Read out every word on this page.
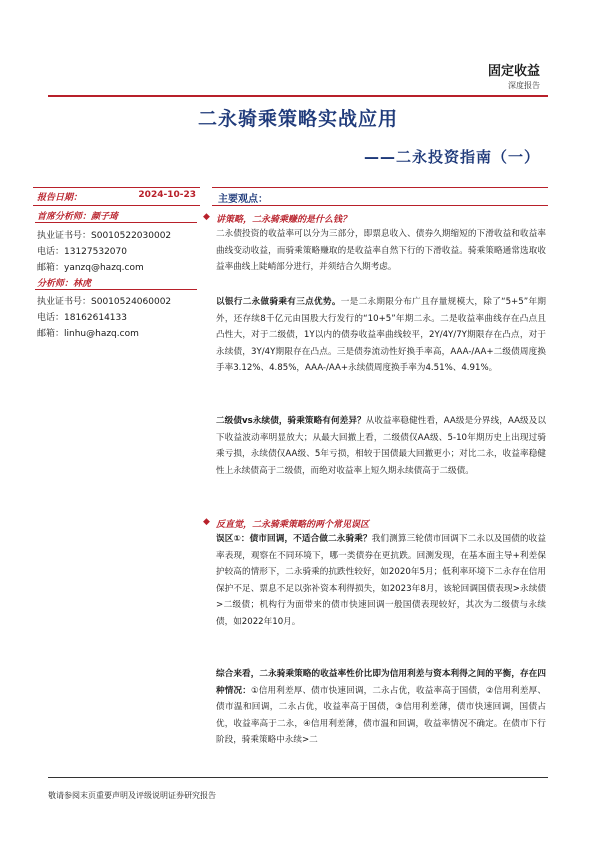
固定收益
深度报告
二永骑乘策略实战应用
——二永投资指南（一）
报告日期：	2024-10-23
首席分析师：颜子琦
执业证书号：S0010522030002
电话：13127532070
邮箱：yanzq@hazq.com
分析师：林虎
执业证书号：S0010524060002
电话：18162614133
邮箱：linhu@hazq.com
主要观点：
◆ 讲策略，二永骑乘赚的是什么钱？
二永债投资的收益率可以分为三部分，即票息收入、债券久期缩短的下滑收益和收益率曲线变动收益，而骑乘策略赚取的是收益率自然下行的下滑收益。骑乘策略通常选取收益率曲线上陡峭部分进行，并须结合久期考虑。
以银行二永做骑乘有三点优势。一是二永期限分布广且存量规模大，除了“5+5”年期外，还存续8千亿元由国股大行发行的“10+5”年期二永。二是收益率曲线存在凸点且凸性大，对于二级债，1Y以内的债券收益率曲线较平，2Y/4Y/7Y期限存在凸点，对于永续债，3Y/4Y期限存在凸点。三是债券流动性好换手率高，AAA-/AA+二级债周度换手率3.12%、4.85%，AAA-/AA+永续债周度换手率为4.51%、4.91%。
二级债vs永续债，骑乘策略有何差异？从收益率稳健性看，AA级是分界线，AA级及以下收益波动率明显放大；从最大回撤上看，二级债仅AA级、5-10年期历史上出现过骑乘亏损，永续债仅AA级、5年亏损，相较于国债最大回撤更小；对比二永，收益率稳健性上永续债高于二级债，而绝对收益率上短久期永续债高于二级债。
◆ 反直觉，二永骑乘策略的两个常见误区
误区①：债市回调，不适合做二永骑乘？我们测算三轮债市回调下二永以及国债的收益率表现，观察在不同环境下，哪一类债券在更抗跌。回测发现，在基本面主导+利差保护较高的情形下，二永骑乘的抗跌性较好，如2020年5月；低利率环境下二永存在信用保护不足、票息不足以弥补资本利得损失，如2023年8月，该轮回调国债表现>永续债>二级债；机构行为面带来的债市快速回调一般国债表现较好，其次为二级债与永续债，如2022年10月。
综合来看，二永骑乘策略的收益率性价比即为信用利差与资本利得之间的平衡，存在四种情况：①信用利差厚、债市快速回调，二永占优，收益率高于国债，②信用利差厚、债市温和回调，二永占优，收益率高于国债，③信用利差薄，债市快速回调，国债占优，收益率高于二永，④信用利差薄，债市温和回调，收益率情况不确定。在债市下行阶段，骑乘策略中永续>二
敬请参阅末页重要声明及评级说明证券研究报告
